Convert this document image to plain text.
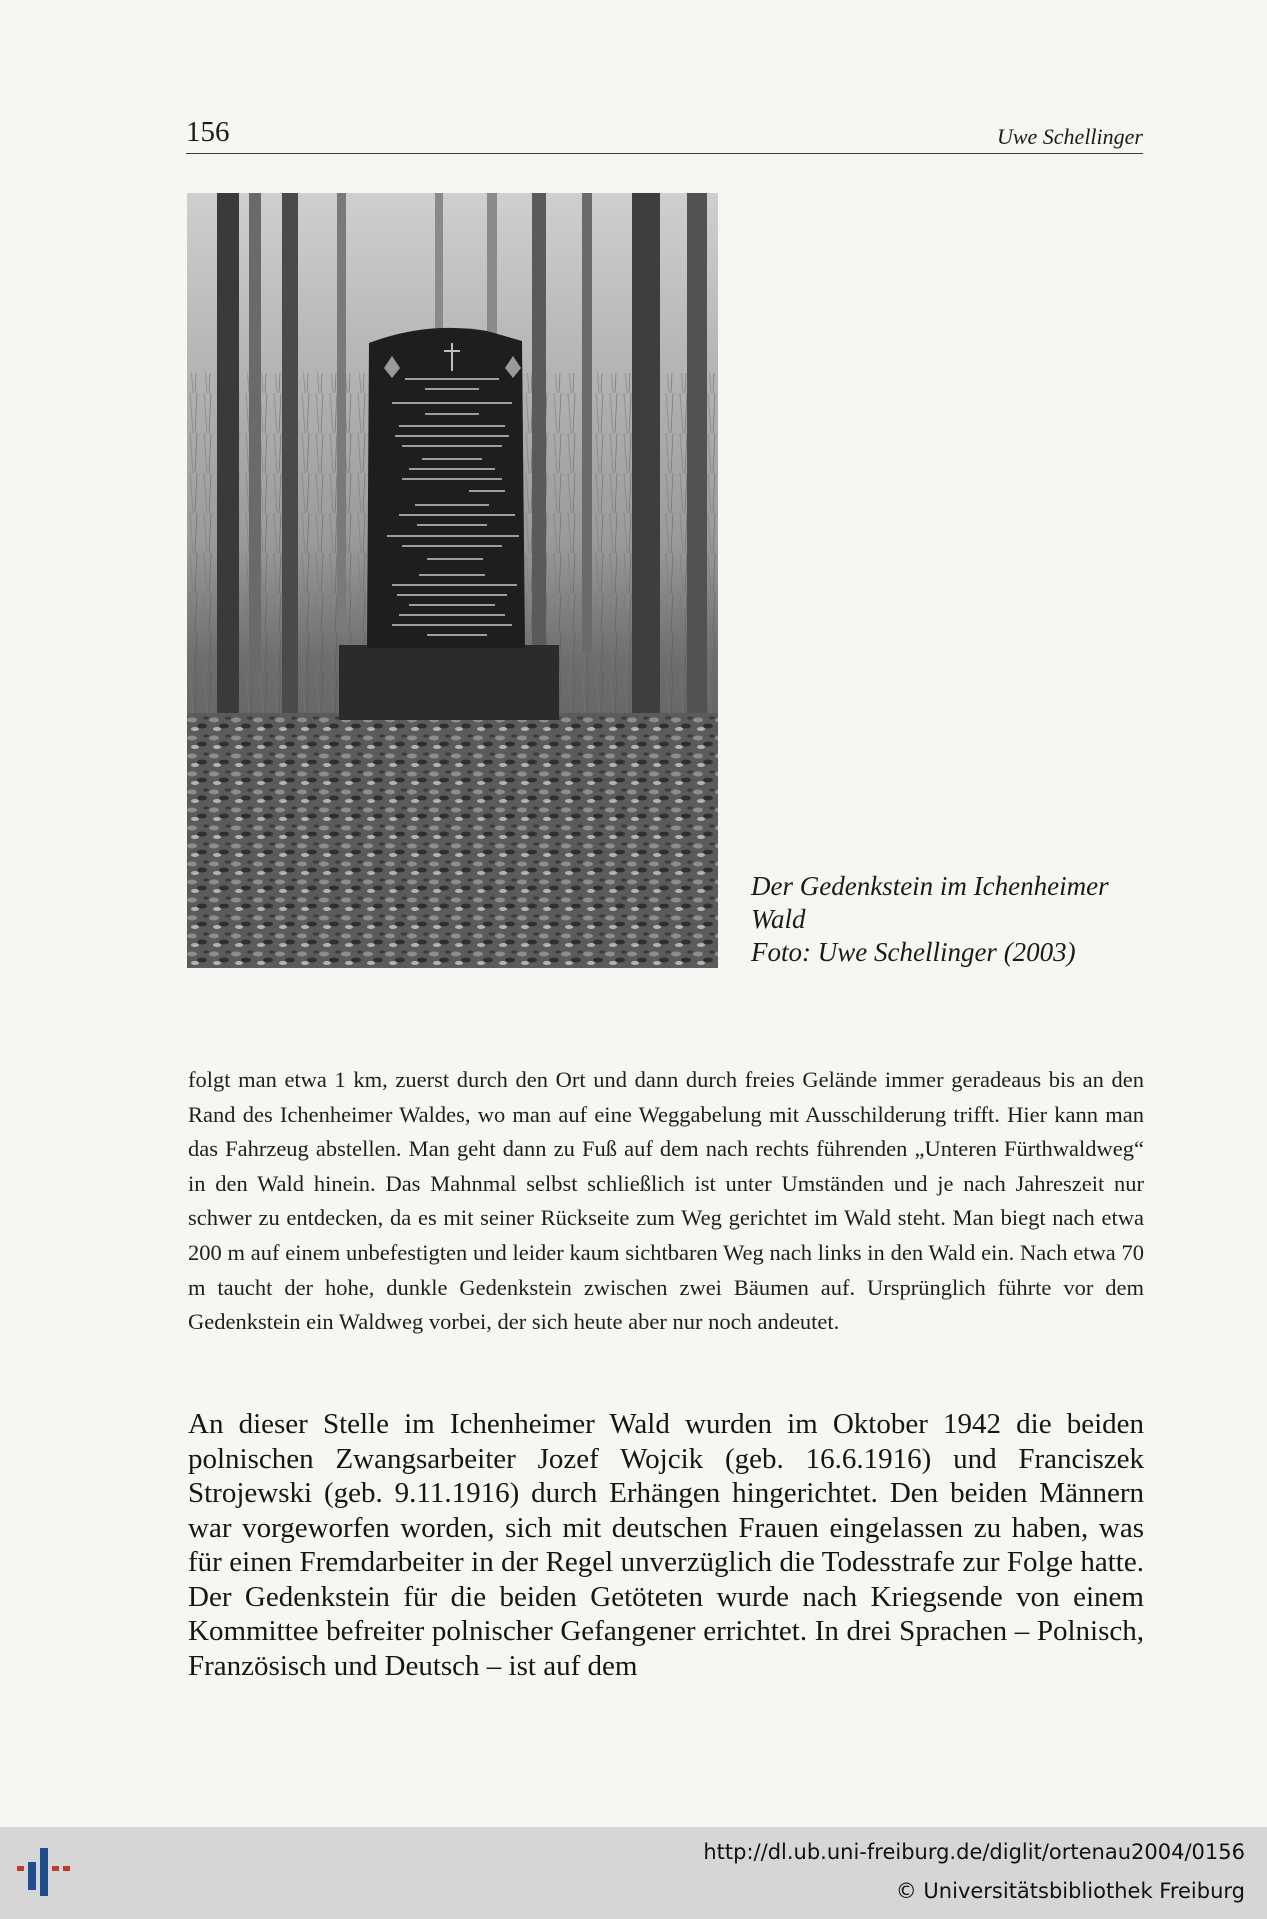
156	Uwe Schellinger
Der Gedenkstein im Ichenheimer
Wald
Foto: Uwe Schellinger (2003)
folgt man etwa 1 km, zuerst durch den Ort und dann durch freies Gelände immer geradeaus bis an den Rand des Ichenheimer Waldes, wo man auf eine Weggabelung mit Ausschilderung trifft. Hier kann man das Fahrzeug abstellen. Man geht dann zu Fuß auf dem nach rechts führenden „Unteren Fürthwaldweg“ in den Wald hinein. Das Mahnmal selbst schließlich ist unter Umständen und je nach Jahreszeit nur schwer zu entdecken, da es mit seiner Rückseite zum Weg gerichtet im Wald steht. Man biegt nach etwa 200 m auf einem unbefestigten und leider kaum sichtbaren Weg nach links in den Wald ein. Nach etwa 70 m taucht der hohe, dunkle Gedenkstein zwischen zwei Bäumen auf. Ursprünglich führte vor dem Gedenkstein ein Waldweg vorbei, der sich heute aber nur noch andeutet.
An dieser Stelle im Ichenheimer Wald wurden im Oktober 1942 die beiden polnischen Zwangsarbeiter Jozef Wojcik (geb. 16.6.1916) und Franciszek Strojewski (geb. 9.11.1916) durch Erhängen hingerichtet. Den beiden Männern war vorgeworfen worden, sich mit deutschen Frauen eingelassen zu haben, was für einen Fremdarbeiter in der Regel unverzüglich die Todesstrafe zur Folge hatte. Der Gedenkstein für die beiden Getöteten wurde nach Kriegsende von einem Kommittee befreiter polnischer Gefangener errichtet. In drei Sprachen – Polnisch, Französisch und Deutsch – ist auf dem
http://dl.ub.uni-freiburg.de/diglit/ortenau2004/0156
© Universitätsbibliothek Freiburg
